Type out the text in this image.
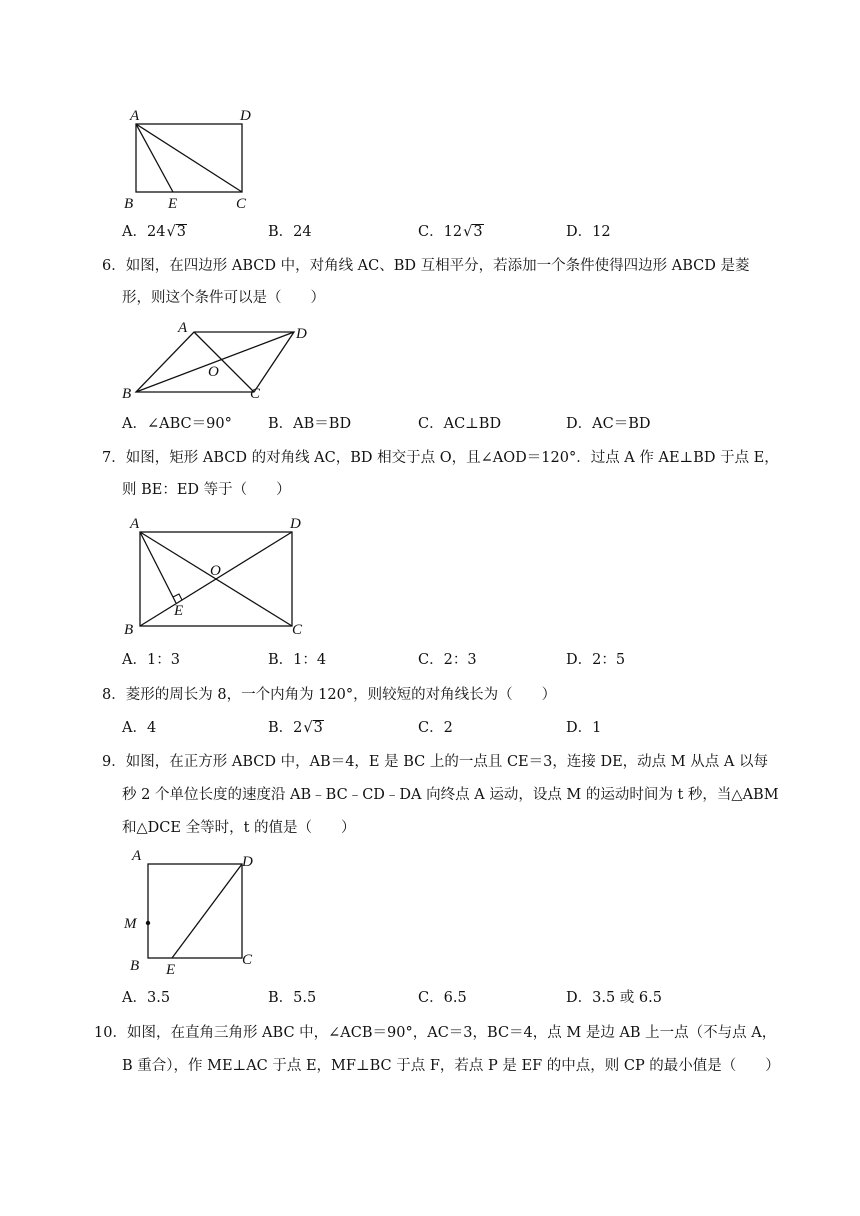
A	D
B E	C
A．24√3	B．24	C．12√3	D．12
6．如图，在四边形 ABCD 中，对角线 AC、BD 互相平分，若添加一个条件使得四边形 ABCD 是菱
形，则这个条件可以是（　　）
A	D
B
O
C
A．∠ABC＝90° B．AB＝BD	C．AC⊥BD	D．AC＝BD
7．如图，矩形 ABCD 的对角线 AC，BD 相交于点 O，且∠AOD＝120°．过点 A 作 AE⊥BD 于点 E，
则 BE：ED 等于（　　）
A	D
O
E
B	C
A．1：3	B．1：4	C．2：3	D．2：5
8．菱形的周长为 8，一个内角为 120°，则较短的对角线长为（　　）
A．4	B．2√3	C．2	D．1
9．如图，在正方形 ABCD 中，AB＝4，E 是 BC 上的一点且 CE＝3，连接 DE，动点 M 从点 A 以每
秒 2 个单位长度的速度沿 AB﹣BC﹣CD﹣DA 向终点 A 运动，设点 M 的运动时间为 t 秒，当△ABM
和△DCE 全等时，t 的值是（　　）
A	D
M
B E
C
A．3.5	B．5.5	C．6.5	D．3.5 或 6.5
10．如图，在直角三角形 ABC 中，∠ACB＝90°，AC＝3，BC＝4，点 M 是边 AB 上一点（不与点 A，
B 重合），作 ME⊥AC 于点 E，MF⊥BC 于点 F，若点 P 是 EF 的中点，则 CP 的最小值是（　　）
